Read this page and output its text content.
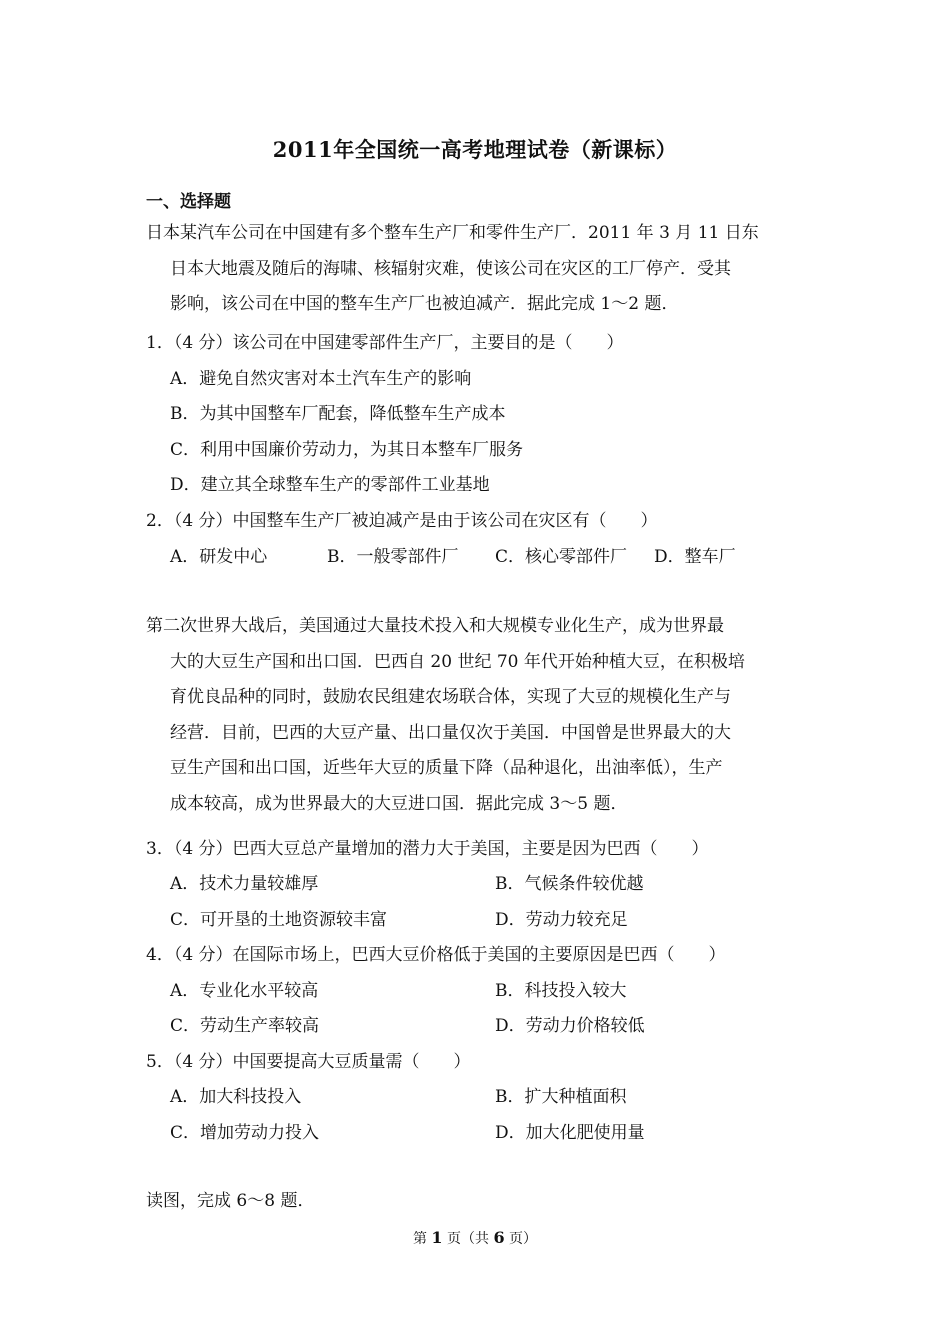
2011年全国统一高考地理试卷（新课标）
一、选择题
日本某汽车公司在中国建有多个整车生产厂和零件生产厂．2011 年 3 月 11 日东
日本大地震及随后的海啸、核辐射灾难，使该公司在灾区的工厂停产．受其
影响，该公司在中国的整车生产厂也被迫减产．据此完成 1～2 题．
1．（4 分）该公司在中国建零部件生产厂，主要目的是（　　）
A．避免自然灾害对本土汽车生产的影响
B．为其中国整车厂配套，降低整车生产成本
C．利用中国廉价劳动力，为其日本整车厂服务
D．建立其全球整车生产的零部件工业基地
2．（4 分）中国整车生产厂被迫减产是由于该公司在灾区有（　　）
A．研发中心	B．一般零部件厂 C．核心零部件厂 D．整车厂
第二次世界大战后，美国通过大量技术投入和大规模专业化生产，成为世界最
大的大豆生产国和出口国．巴西自 20 世纪 70 年代开始种植大豆，在积极培
育优良品种的同时，鼓励农民组建农场联合体，实现了大豆的规模化生产与
经营．目前，巴西的大豆产量、出口量仅次于美国．中国曾是世界最大的大
豆生产国和出口国，近些年大豆的质量下降（品种退化，出油率低），生产
成本较高，成为世界最大的大豆进口国．据此完成 3～5 题．
3．（4 分）巴西大豆总产量增加的潜力大于美国，主要是因为巴西（　　）
A．技术力量较雄厚	B．气候条件较优越
C．可开垦的土地资源较丰富	D．劳动力较充足
4．（4 分）在国际市场上，巴西大豆价格低于美国的主要原因是巴西（　　）
A．专业化水平较高	B．科技投入较大
C．劳动生产率较高	D．劳动力价格较低
5．（4 分）中国要提高大豆质量需（　　）
A．加大科技投入	B．扩大种植面积
C．增加劳动力投入	D．加大化肥使用量
读图，完成 6～8 题．
第 1 页（共 6 页）
